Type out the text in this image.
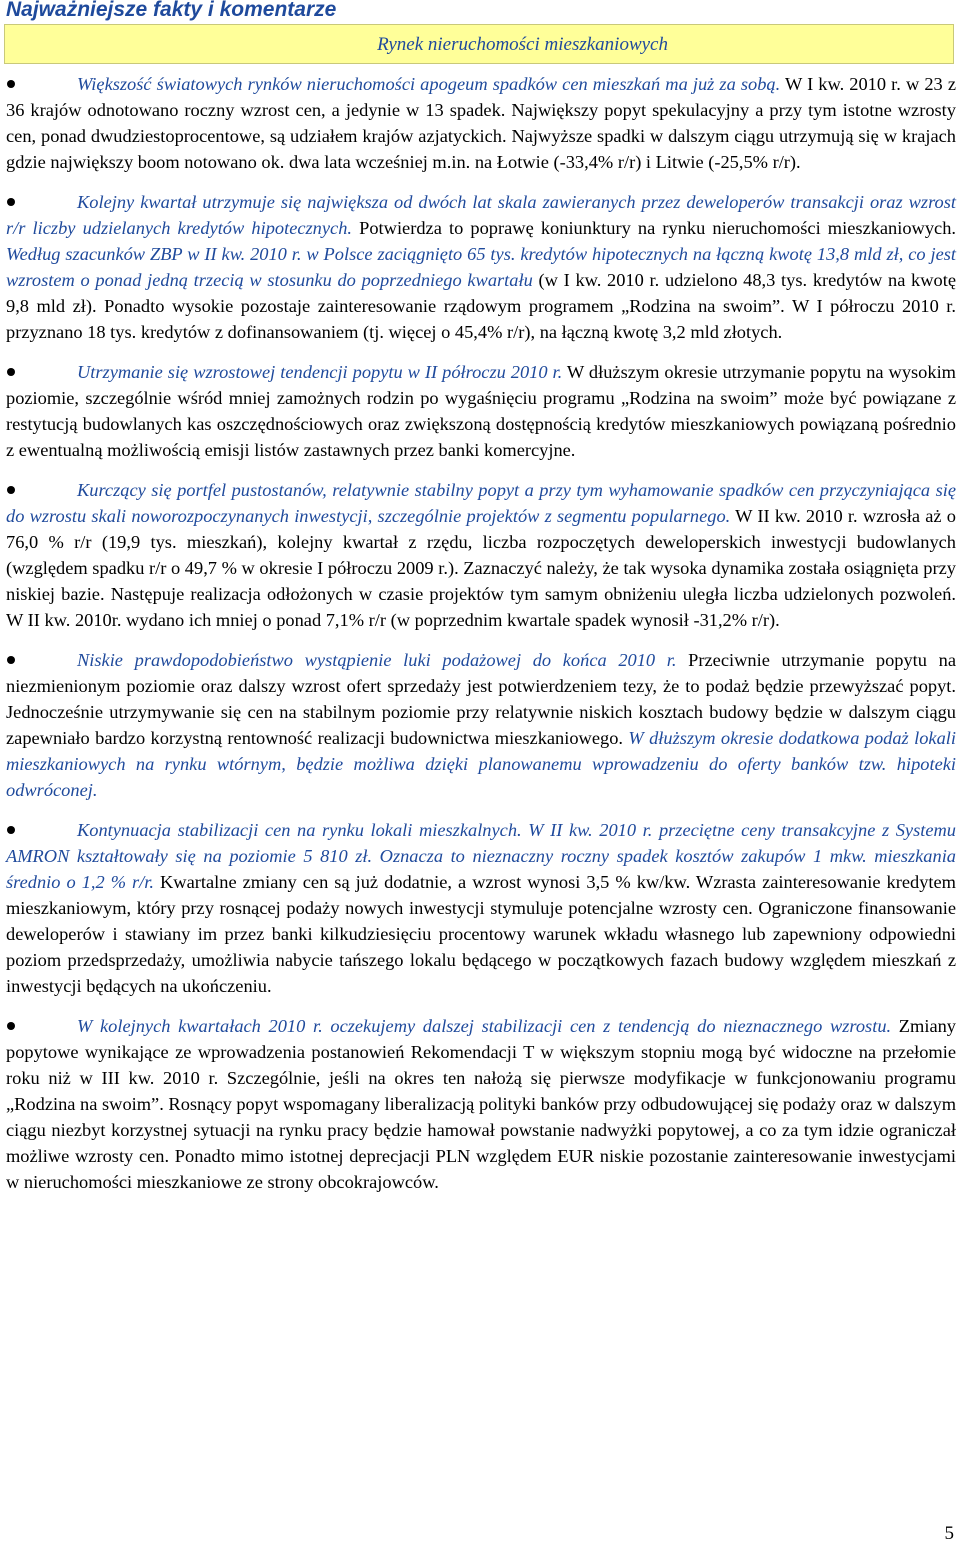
Najważniejsze fakty i komentarze
Rynek nieruchomości mieszkaniowych

Większość światowych rynków nieruchomości apogeum spadków cen mieszkań ma już za sobą. W I kw. 2010 r. w 23 z 36 krajów odnotowano roczny wzrost cen, a jedynie w 13 spadek. Największy popyt spekulacyjny a przy tym istotne wzrosty cen, ponad dwudziestoprocentowe, są udziałem krajów azjatyckich. Najwyższe spadki w dalszym ciągu utrzymują się w krajach gdzie największy boom notowano ok. dwa lata wcześniej m.in. na Łotwie (-33,4% r/r) i Litwie (-25,5% r/r).

Kolejny kwartał utrzymuje się największa od dwóch lat skala zawieranych przez deweloperów transakcji oraz wzrost r/r liczby udzielanych kredytów hipotecznych. Potwierdza to poprawę koniunktury na rynku nieruchomości mieszkaniowych. Według szacunków ZBP w II kw. 2010 r. w Polsce zaciągnięto 65 tys. kredytów hipotecznych na łączną kwotę 13,8 mld zł, co jest wzrostem o ponad jedną trzecią w stosunku do poprzedniego kwartału (w I kw. 2010 r. udzielono 48,3 tys. kredytów na kwotę 9,8 mld zł). Ponadto wysokie pozostaje zainteresowanie rządowym programem „Rodzina na swoim”. W I półroczu 2010 r. przyznano 18 tys. kredytów z dofinansowaniem (tj. więcej o 45,4% r/r), na łączną kwotę 3,2 mld złotych.

Utrzymanie się wzrostowej tendencji popytu w II półroczu 2010 r. W dłuższym okresie utrzymanie popytu na wysokim poziomie, szczególnie wśród mniej zamożnych rodzin po wygaśnięciu programu „Rodzina na swoim” może być powiązane z restytucją budowlanych kas oszczędnościowych oraz zwiększoną dostępnością kredytów mieszkaniowych powiązaną pośrednio z ewentualną możliwością emisji listów zastawnych przez banki komercyjne.

Kurczący się portfel pustostanów, relatywnie stabilny popyt a przy tym wyhamowanie spadków cen przyczyniająca się do wzrostu skali noworozpoczynanych inwestycji, szczególnie projektów z segmentu popularnego. W II kw. 2010 r. wzrosła aż o 76,0 % r/r (19,9 tys. mieszkań), kolejny kwartał z rzędu, liczba rozpoczętych deweloperskich inwestycji budowlanych (względem spadku r/r o 49,7 % w okresie I półroczu 2009 r.). Zaznaczyć należy, że tak wysoka dynamika została osiągnięta przy niskiej bazie. Następuje realizacja odłożonych w czasie projektów tym samym obniżeniu uległa liczba udzielonych pozwoleń. W II kw. 2010r. wydano ich mniej o ponad 7,1% r/r (w poprzednim kwartale spadek wynosił -31,2% r/r).

Niskie prawdopodobieństwo wystąpienie luki podażowej do końca 2010 r. Przeciwnie utrzymanie popytu na niezmienionym poziomie oraz dalszy wzrost ofert sprzedaży jest potwierdzeniem tezy, że to podaż będzie przewyższać popyt. Jednocześnie utrzymywanie się cen na stabilnym poziomie przy relatywnie niskich kosztach budowy będzie w dalszym ciągu zapewniało bardzo korzystną rentowność realizacji budownictwa mieszkaniowego. W dłuższym okresie dodatkowa podaż lokali mieszkaniowych na rynku wtórnym, będzie możliwa dzięki planowanemu wprowadzeniu do oferty banków tzw. hipoteki odwróconej.

Kontynuacja stabilizacji cen na rynku lokali mieszkalnych. W II kw. 2010 r. przeciętne ceny transakcyjne z Systemu AMRON kształtowały się na poziomie 5 810 zł. Oznacza to nieznaczny roczny spadek kosztów zakupów 1 mkw. mieszkania średnio o 1,2 % r/r. Kwartalne zmiany cen są już dodatnie, a wzrost wynosi 3,5 % kw/kw. Wzrasta zainteresowanie kredytem mieszkaniowym, który przy rosnącej podaży nowych inwestycji stymuluje potencjalne wzrosty cen. Ograniczone finansowanie deweloperów i stawiany im przez banki kilkudziesięciu procentowy warunek wkładu własnego lub zapewniony odpowiedni poziom przedsprzedaży, umożliwia nabycie tańszego lokalu będącego w początkowych fazach budowy względem mieszkań z inwestycji będących na ukończeniu.

W kolejnych kwartałach 2010 r. oczekujemy dalszej stabilizacji cen z tendencją do nieznacznego wzrostu. Zmiany popytowe wynikające ze wprowadzenia postanowień Rekomendacji T w większym stopniu mogą być widoczne na przełomie roku niż w III kw. 2010 r. Szczególnie, jeśli na okres ten nałożą się pierwsze modyfikacje w funkcjonowaniu programu „Rodzina na swoim”. Rosnący popyt wspomagany liberalizacją polityki banków przy odbudowującej się podaży oraz w dalszym ciągu niezbyt korzystnej sytuacji na rynku pracy będzie hamował powstanie nadwyżki popytowej, a co za tym idzie ograniczał możliwe wzrosty cen. Ponadto mimo istotnej deprecjacji PLN względem EUR niskie pozostanie zainteresowanie inwestycjami w nieruchomości mieszkaniowe ze strony obcokrajowców.

5
